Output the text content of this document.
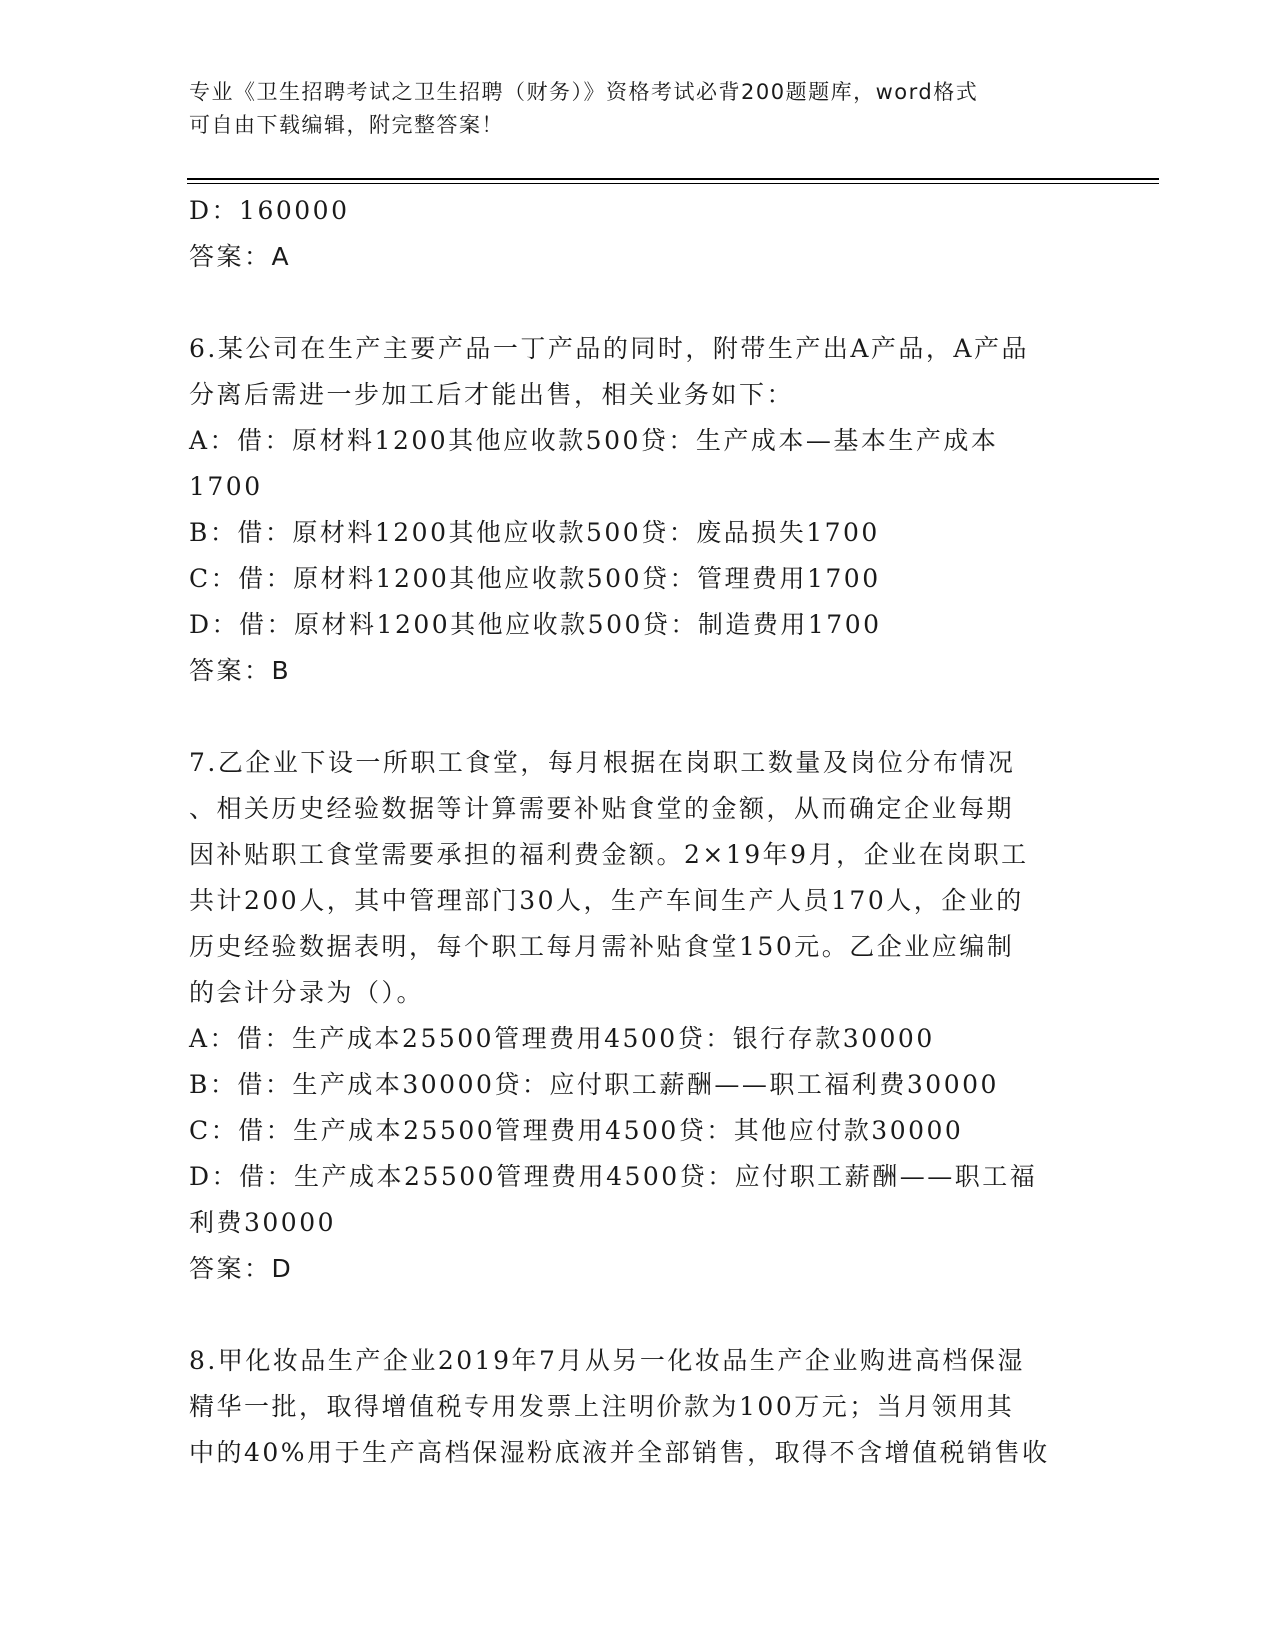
专业《卫生招聘考试之卫生招聘（财务）》资格考试必背200题题库，word格式
可自由下载编辑，附完整答案！
D：160000
答案：A
6.某公司在生产主要产品一丁产品的同时，附带生产出A产品，A产品
分离后需进一步加工后才能出售，相关业务如下：
A：借：原材料1200其他应收款500贷：生产成本—基本生产成本
1700
B：借：原材料1200其他应收款500贷：废品损失1700
C：借：原材料1200其他应收款500贷：管理费用1700
D：借：原材料1200其他应收款500贷：制造费用1700
答案：B
7.乙企业下设一所职工食堂，每月根据在岗职工数量及岗位分布情况
、相关历史经验数据等计算需要补贴食堂的金额，从而确定企业每期
因补贴职工食堂需要承担的福利费金额。2×19年9月，企业在岗职工
共计200人，其中管理部门30人，生产车间生产人员170人，企业的
历史经验数据表明，每个职工每月需补贴食堂150元。乙企业应编制
的会计分录为（）。
A：借：生产成本25500管理费用4500贷：银行存款30000
B：借：生产成本30000贷：应付职工薪酬——职工福利费30000
C：借：生产成本25500管理费用4500贷：其他应付款30000
D：借：生产成本25500管理费用4500贷：应付职工薪酬——职工福
利费30000
答案：D
8.甲化妆品生产企业2019年7月从另一化妆品生产企业购进高档保湿
精华一批，取得增值税专用发票上注明价款为100万元；当月领用其
中的40%用于生产高档保湿粉底液并全部销售，取得不含增值税销售收
